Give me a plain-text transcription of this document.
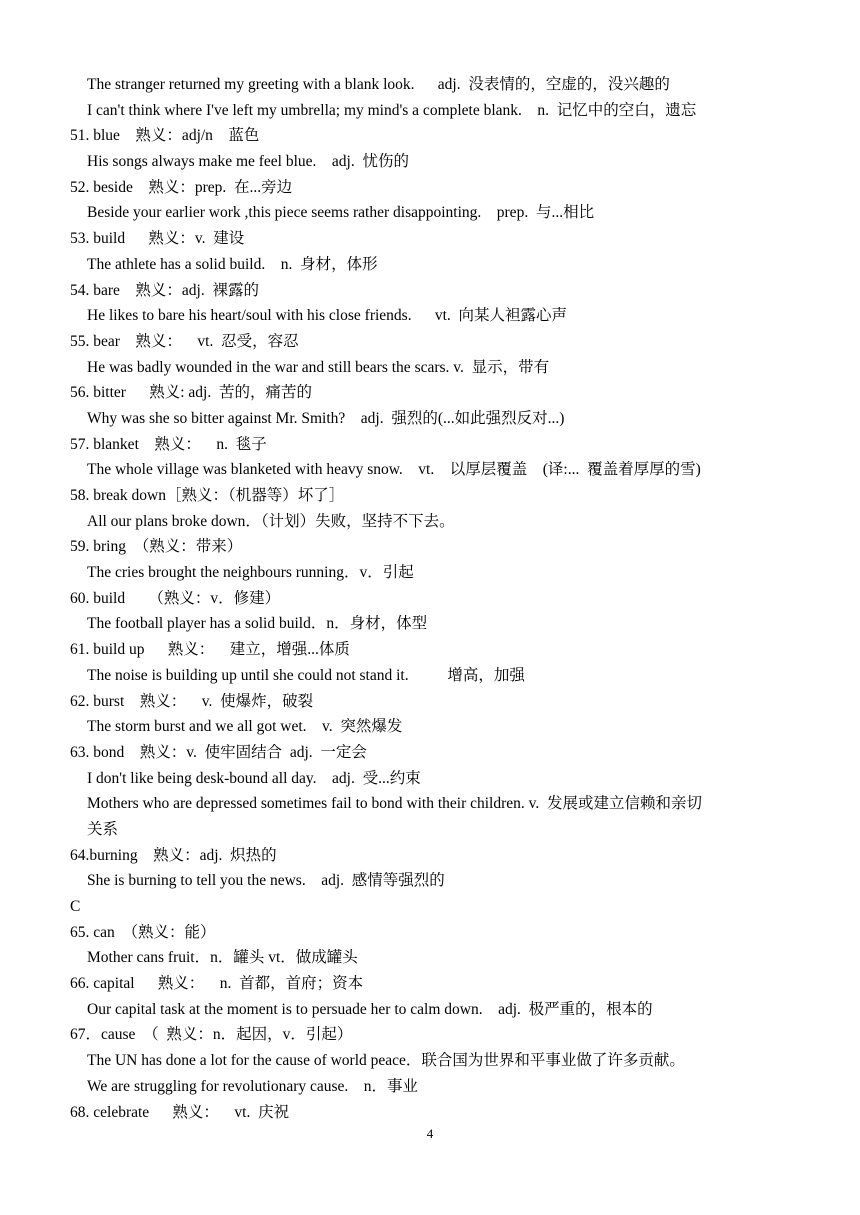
The stranger returned my greeting with a blank look.      adj.  没表情的，空虚的，没兴趣的
I can't think where I've left my umbrella; my mind's a complete blank.    n.  记忆中的空白，遗忘
51. blue    熟义：adj/n    蓝色
His songs always make me feel blue.    adj.  忧伤的
52. beside    熟义：prep.  在...旁边
Beside your earlier work ,this piece seems rather disappointing.    prep.  与...相比
53. build      熟义：v.  建设
The athlete has a solid build.    n.  身材，体形
54. bare    熟义：adj.  裸露的
He likes to bare his heart/soul with his close friends.      vt.  向某人袒露心声
55. bear    熟义：    vt.  忍受，容忍
He was badly wounded in the war and still bears the scars. v.  显示，带有
56. bitter      熟义: adj.  苦的，痛苦的
Why was she so bitter against Mr. Smith?    adj.  强烈的(...如此强烈反对...)
57. blanket    熟义：    n.  毯子
The whole village was blanketed with heavy snow.    vt.    以厚层覆盖    (译:...  覆盖着厚厚的雪)
58. break down［熟义：（机器等）坏了］
All our plans broke down．（计划）失败，坚持不下去。
59. bring  （熟义：带来）
The cries brought the neighbours running．v．引起
60. build      （熟义：v．修建）
The football player has a solid build．n．身材，体型
61. build up      熟义：    建立，增强...体质
The noise is building up until she could not stand it.          增高，加强
62. burst    熟义：    v.  使爆炸，破裂
The storm burst and we all got wet.    v.  突然爆发
63. bond    熟义：v.  使牢固结合  adj.  一定会
I don't like being desk-bound all day.    adj.  受...约束
Mothers who are depressed sometimes fail to bond with their children. v.  发展或建立信赖和亲切
关系
64.burning    熟义：adj.  炽热的
She is burning to tell you the news.    adj.  感情等强烈的
C
65. can  （熟义：能）
Mother cans fruit．n．罐头 vt．做成罐头
66. capital      熟义：    n.  首都，首府；资本
Our capital task at the moment is to persuade her to calm down.    adj.  极严重的，根本的
67．cause  （  熟义：n．起因，v．引起）
The UN has done a lot for the cause of world peace．联合国为世界和平事业做了许多贡献。
We are struggling for revolutionary cause.    n．事业
68. celebrate      熟义：    vt.  庆祝
4
